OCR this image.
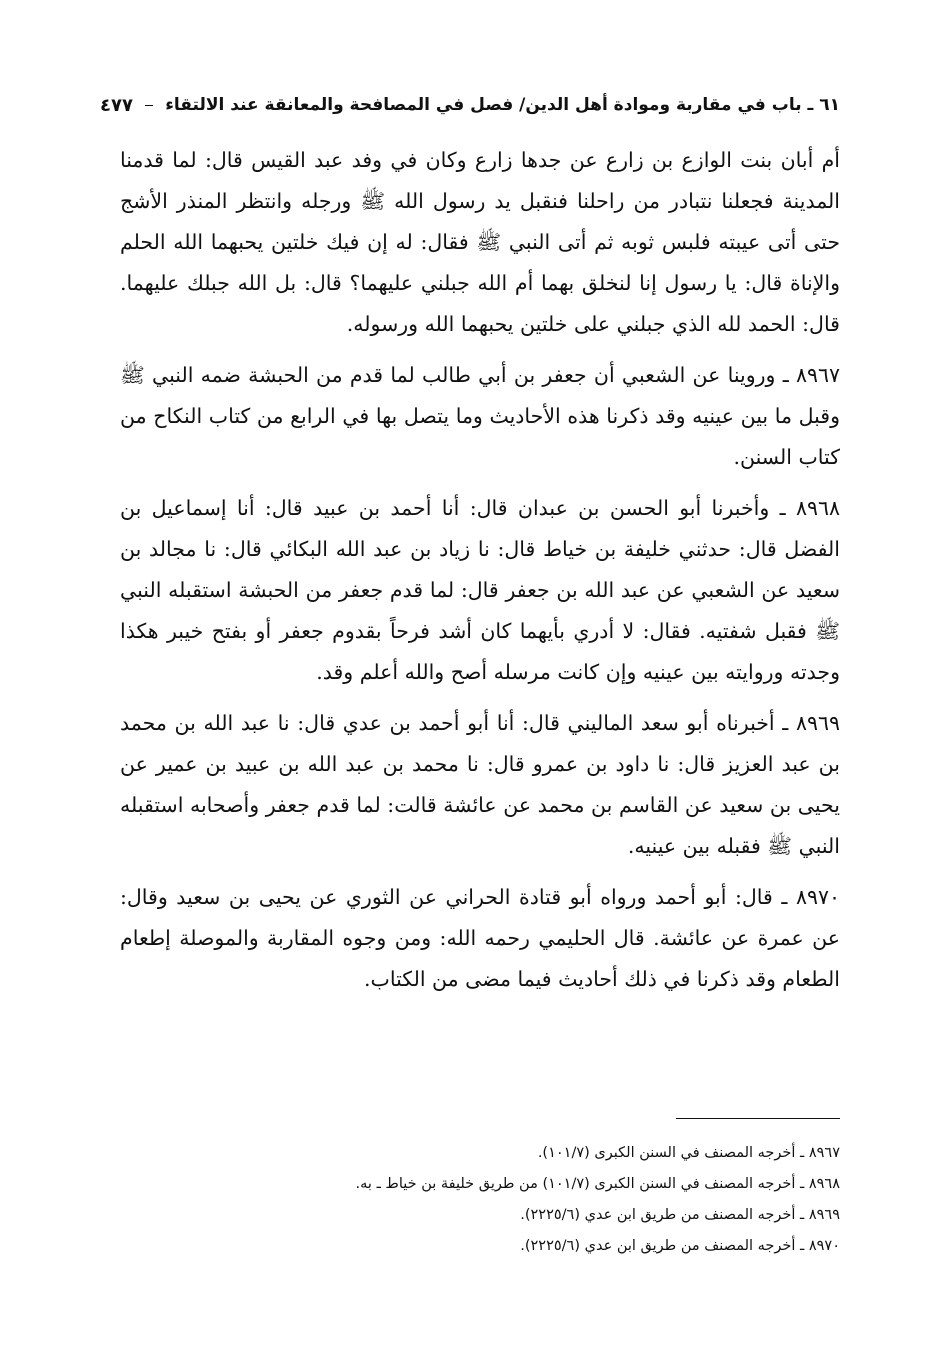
٦١ ـ باب في مقاربة وموادة أهل الدين/ فصل في المصافحة والمعانقة عند الالتقاء
٤٧٧

أم أبان بنت الوازع بن زارع عن جدها زارع وكان في وفد عبد القيس قال: لما قدمنا المدينة فجعلنا نتبادر من راحلنا فنقبل يد رسول الله ﷺ ورجله وانتظر المنذر الأشج حتى أتى عيبته فلبس ثوبه ثم أتى النبي ﷺ فقال: له إن فيك خلتين يحبهما الله الحلم والإناة قال: يا رسول إنا لنخلق بهما أم الله جبلني عليهما؟ قال: بل الله جبلك عليهما. قال: الحمد لله الذي جبلني على خلتين يحبهما الله ورسوله.

٨٩٦٧ ـ وروينا عن الشعبي أن جعفر بن أبي طالب لما قدم من الحبشة ضمه النبي ﷺ وقبل ما بين عينيه وقد ذكرنا هذه الأحاديث وما يتصل بها في الرابع من كتاب النكاح من كتاب السنن.

٨٩٦٨ ـ وأخبرنا أبو الحسن بن عبدان قال: أنا أحمد بن عبيد قال: أنا إسماعيل بن الفضل قال: حدثني خليفة بن خياط قال: نا زياد بن عبد الله البكائي قال: نا مجالد بن سعيد عن الشعبي عن عبد الله بن جعفر قال: لما قدم جعفر من الحبشة استقبله النبي ﷺ فقبل شفتيه. فقال: لا أدري بأيهما كان أشد فرحاً بقدوم جعفر أو بفتح خيبر هكذا وجدته وروايته بين عينيه وإن كانت مرسله أصح والله أعلم وقد.

٨٩٦٩ ـ أخبرناه أبو سعد الماليني قال: أنا أبو أحمد بن عدي قال: نا عبد الله بن محمد بن عبد العزيز قال: نا داود بن عمرو قال: نا محمد بن عبد الله بن عبيد بن عمير عن يحيى بن سعيد عن القاسم بن محمد عن عائشة قالت: لما قدم جعفر وأصحابه استقبله النبي ﷺ فقبله بين عينيه.

٨٩٧٠ ـ قال: أبو أحمد ورواه أبو قتادة الحراني عن الثوري عن يحيى بن سعيد وقال: عن عمرة عن عائشة. قال الحليمي رحمه الله: ومن وجوه المقاربة والموصلة إطعام الطعام وقد ذكرنا في ذلك أحاديث فيما مضى من الكتاب.

٨٩٦٧ ـ أخرجه المصنف في السنن الكبرى (١٠١/٧).
٨٩٦٨ ـ أخرجه المصنف في السنن الكبرى (١٠١/٧) من طريق خليفة بن خياط ـ به.
٨٩٦٩ ـ أخرجه المصنف من طريق ابن عدي (٢٢٢٥/٦).
٨٩٧٠ ـ أخرجه المصنف من طريق ابن عدي (٢٢٢٥/٦).
